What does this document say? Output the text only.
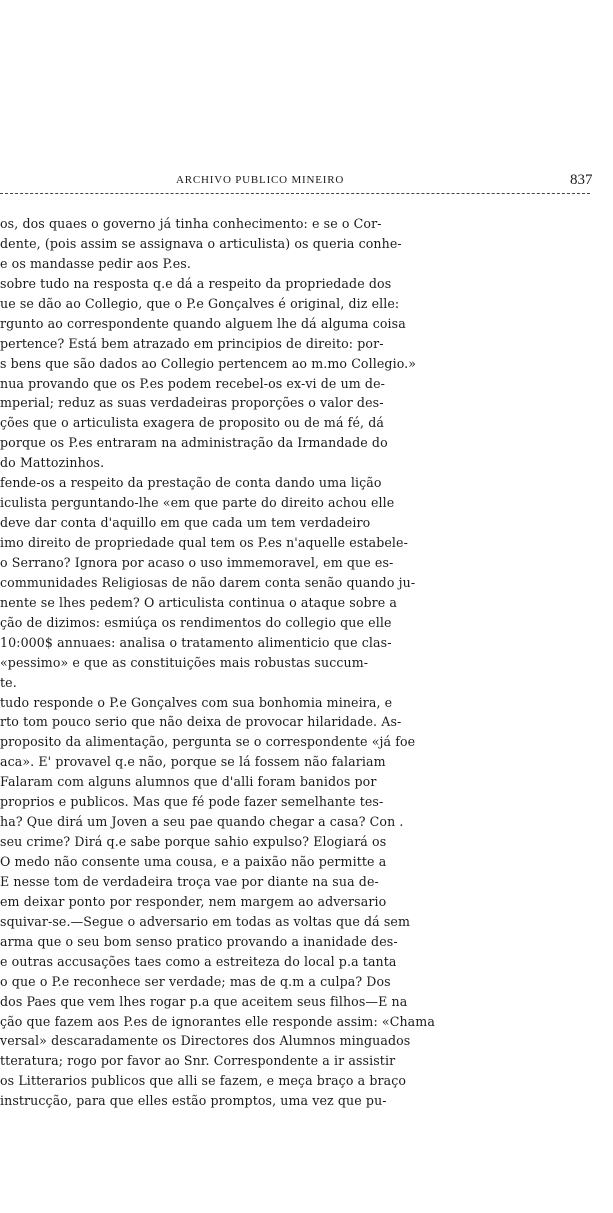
ARCHIVO PUBLICO MINEIRO	837
os, dos quaes o governo já tinha conhecimento: e se o Cor-
dente, (pois assim se assignava o articulista) os queria conhe-
e os mandasse pedir aos P.es.
sobre tudo na resposta q.e dá a respeito da propriedade dos
ue se dão ao Collegio, que o P.e Gonçalves é original, diz elle:
rgunto ao correspondente quando alguem lhe dá alguma coisa
pertence? Está bem atrazado em principios de direito: por-
s bens que são dados ao Collegio pertencem ao m.mo Collegio.»
nua provando que os P.es podem recebel-os ex-vi de um de-
mperial; reduz as suas verdadeiras proporções o valor des-
ções que o articulista exagera de proposito ou de má fé, dá
porque os P.es entraram na administração da Irmandade do
do Mattozinhos.
fende-os a respeito da prestação de conta dando uma lição
iculista perguntando-lhe «em que parte do direito achou elle
deve dar conta d'aquillo em que cada um tem verdadeiro
imo direito de propriedade qual tem os P.es n'aquelle estabele-
o Serrano? Ignora por acaso o uso immemoravel, em que es-
communidades Religiosas de não darem conta senão quando ju-
nente se lhes pedem? O articulista continua o ataque sobre a
ção de dizimos: esmiúça os rendimentos do collegio que elle
10:000$ annuaes: analisa o tratamento alimenticio que clas-
«pessimo» e que as constituições mais robustas succum-
te.
tudo responde o P.e Gonçalves com sua bonhomia mineira, e
rto tom pouco serio que não deixa de provocar hilaridade. As-
proposito da alimentação, pergunta se o correspondente «já foe
aca». E' provavel q.e não, porque se lá fossem não falariam
Falaram com alguns alumnos que d'alli foram banidos por
proprios e publicos. Mas que fé pode fazer semelhante tes-
ha? Que dirá um Joven a seu pae quando chegar a casa? Con .
seu crime? Dirá q.e sabe porque sahio expulso? Elogiará os
O medo não consente uma cousa, e a paixão não permitte a
E nesse tom de verdadeira troça vae por diante na sua de-
em deixar ponto por responder, nem margem ao adversario
squivar-se.—Segue o adversario em todas as voltas que dá sem
arma que o seu bom senso pratico provando a inanidade des-
e outras accusações taes como a estreiteza do local p.a tanta
o que o P.e reconhece ser verdade; mas de q.m a culpa? Dos
dos Paes que vem lhes rogar p.a que aceitem seus filhos—E na
ção que fazem aos P.es de ignorantes elle responde assim: «Chama
versal» descaradamente os Directores dos Alumnos minguados
tteratura; rogo por favor ao Snr. Correspondente a ir assistir
os Litterarios publicos que alli se fazem, e meça braço a braço
instrucção, para que elles estão promptos, uma vez que pu-
